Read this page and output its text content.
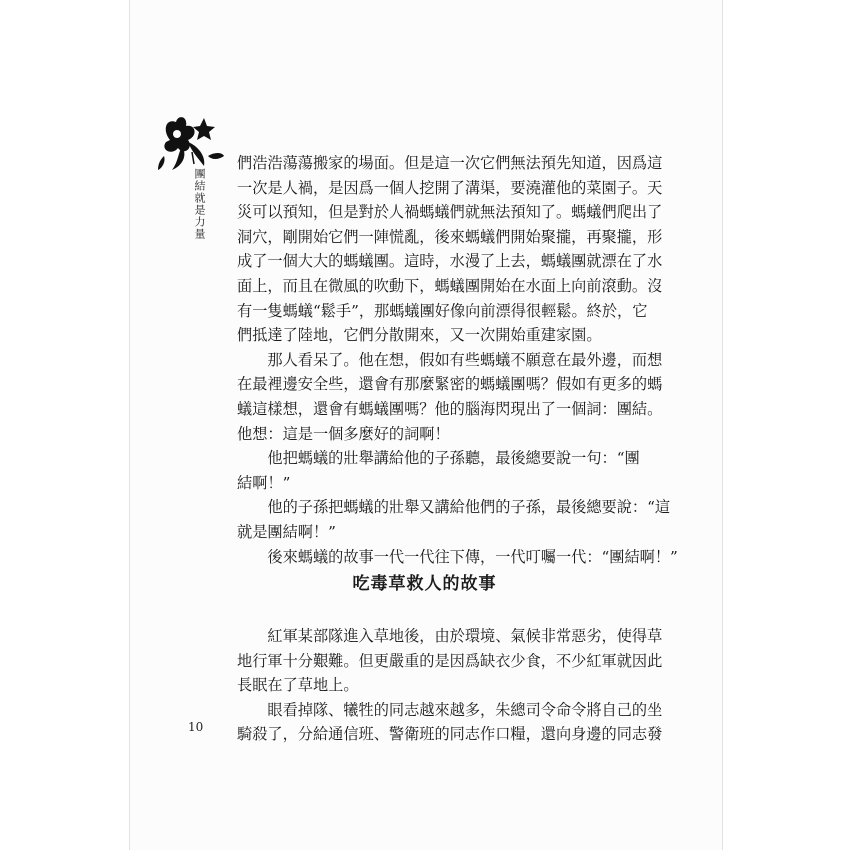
團結就是力量
們浩浩蕩蕩搬家的場面。但是這一次它們無法預先知道，因爲這
一次是人禍，是因爲一個人挖開了溝渠，要澆灌他的菜園子。天
災可以預知，但是對於人禍螞蟻們就無法預知了。螞蟻們爬出了
洞穴，剛開始它們一陣慌亂，後來螞蟻們開始聚攏，再聚攏，形
成了一個大大的螞蟻團。這時，水漫了上去，螞蟻團就漂在了水
面上，而且在微風的吹動下，螞蟻團開始在水面上向前滾動。沒
有一隻螞蟻“鬆手”，那螞蟻團好像向前漂得很輕鬆。終於，它
們抵達了陸地，它們分散開來，又一次開始重建家園。
　　那人看呆了。他在想，假如有些螞蟻不願意在最外邊，而想
在最裡邊安全些，還會有那麼緊密的螞蟻團嗎？假如有更多的螞
蟻這樣想，還會有螞蟻團嗎？他的腦海閃現出了一個詞：團結。
他想：這是一個多麼好的詞啊！
　　他把螞蟻的壯舉講給他的子孫聽，最後總要說一句：“團
結啊！”
　　他的子孫把螞蟻的壯舉又講給他們的子孫，最後總要說：“這
就是團結啊！”
　　後來螞蟻的故事一代一代往下傳，一代叮囑一代：“團結啊！”
吃毒草救人的故事
　　紅軍某部隊進入草地後，由於環境、氣候非常惡劣，使得草
地行軍十分艱難。但更嚴重的是因爲缺衣少食，不少紅軍就因此
長眠在了草地上。
　　眼看掉隊、犧牲的同志越來越多，朱總司令命令將自己的坐
騎殺了，分給通信班、警衛班的同志作口糧，還向身邊的同志發
10
